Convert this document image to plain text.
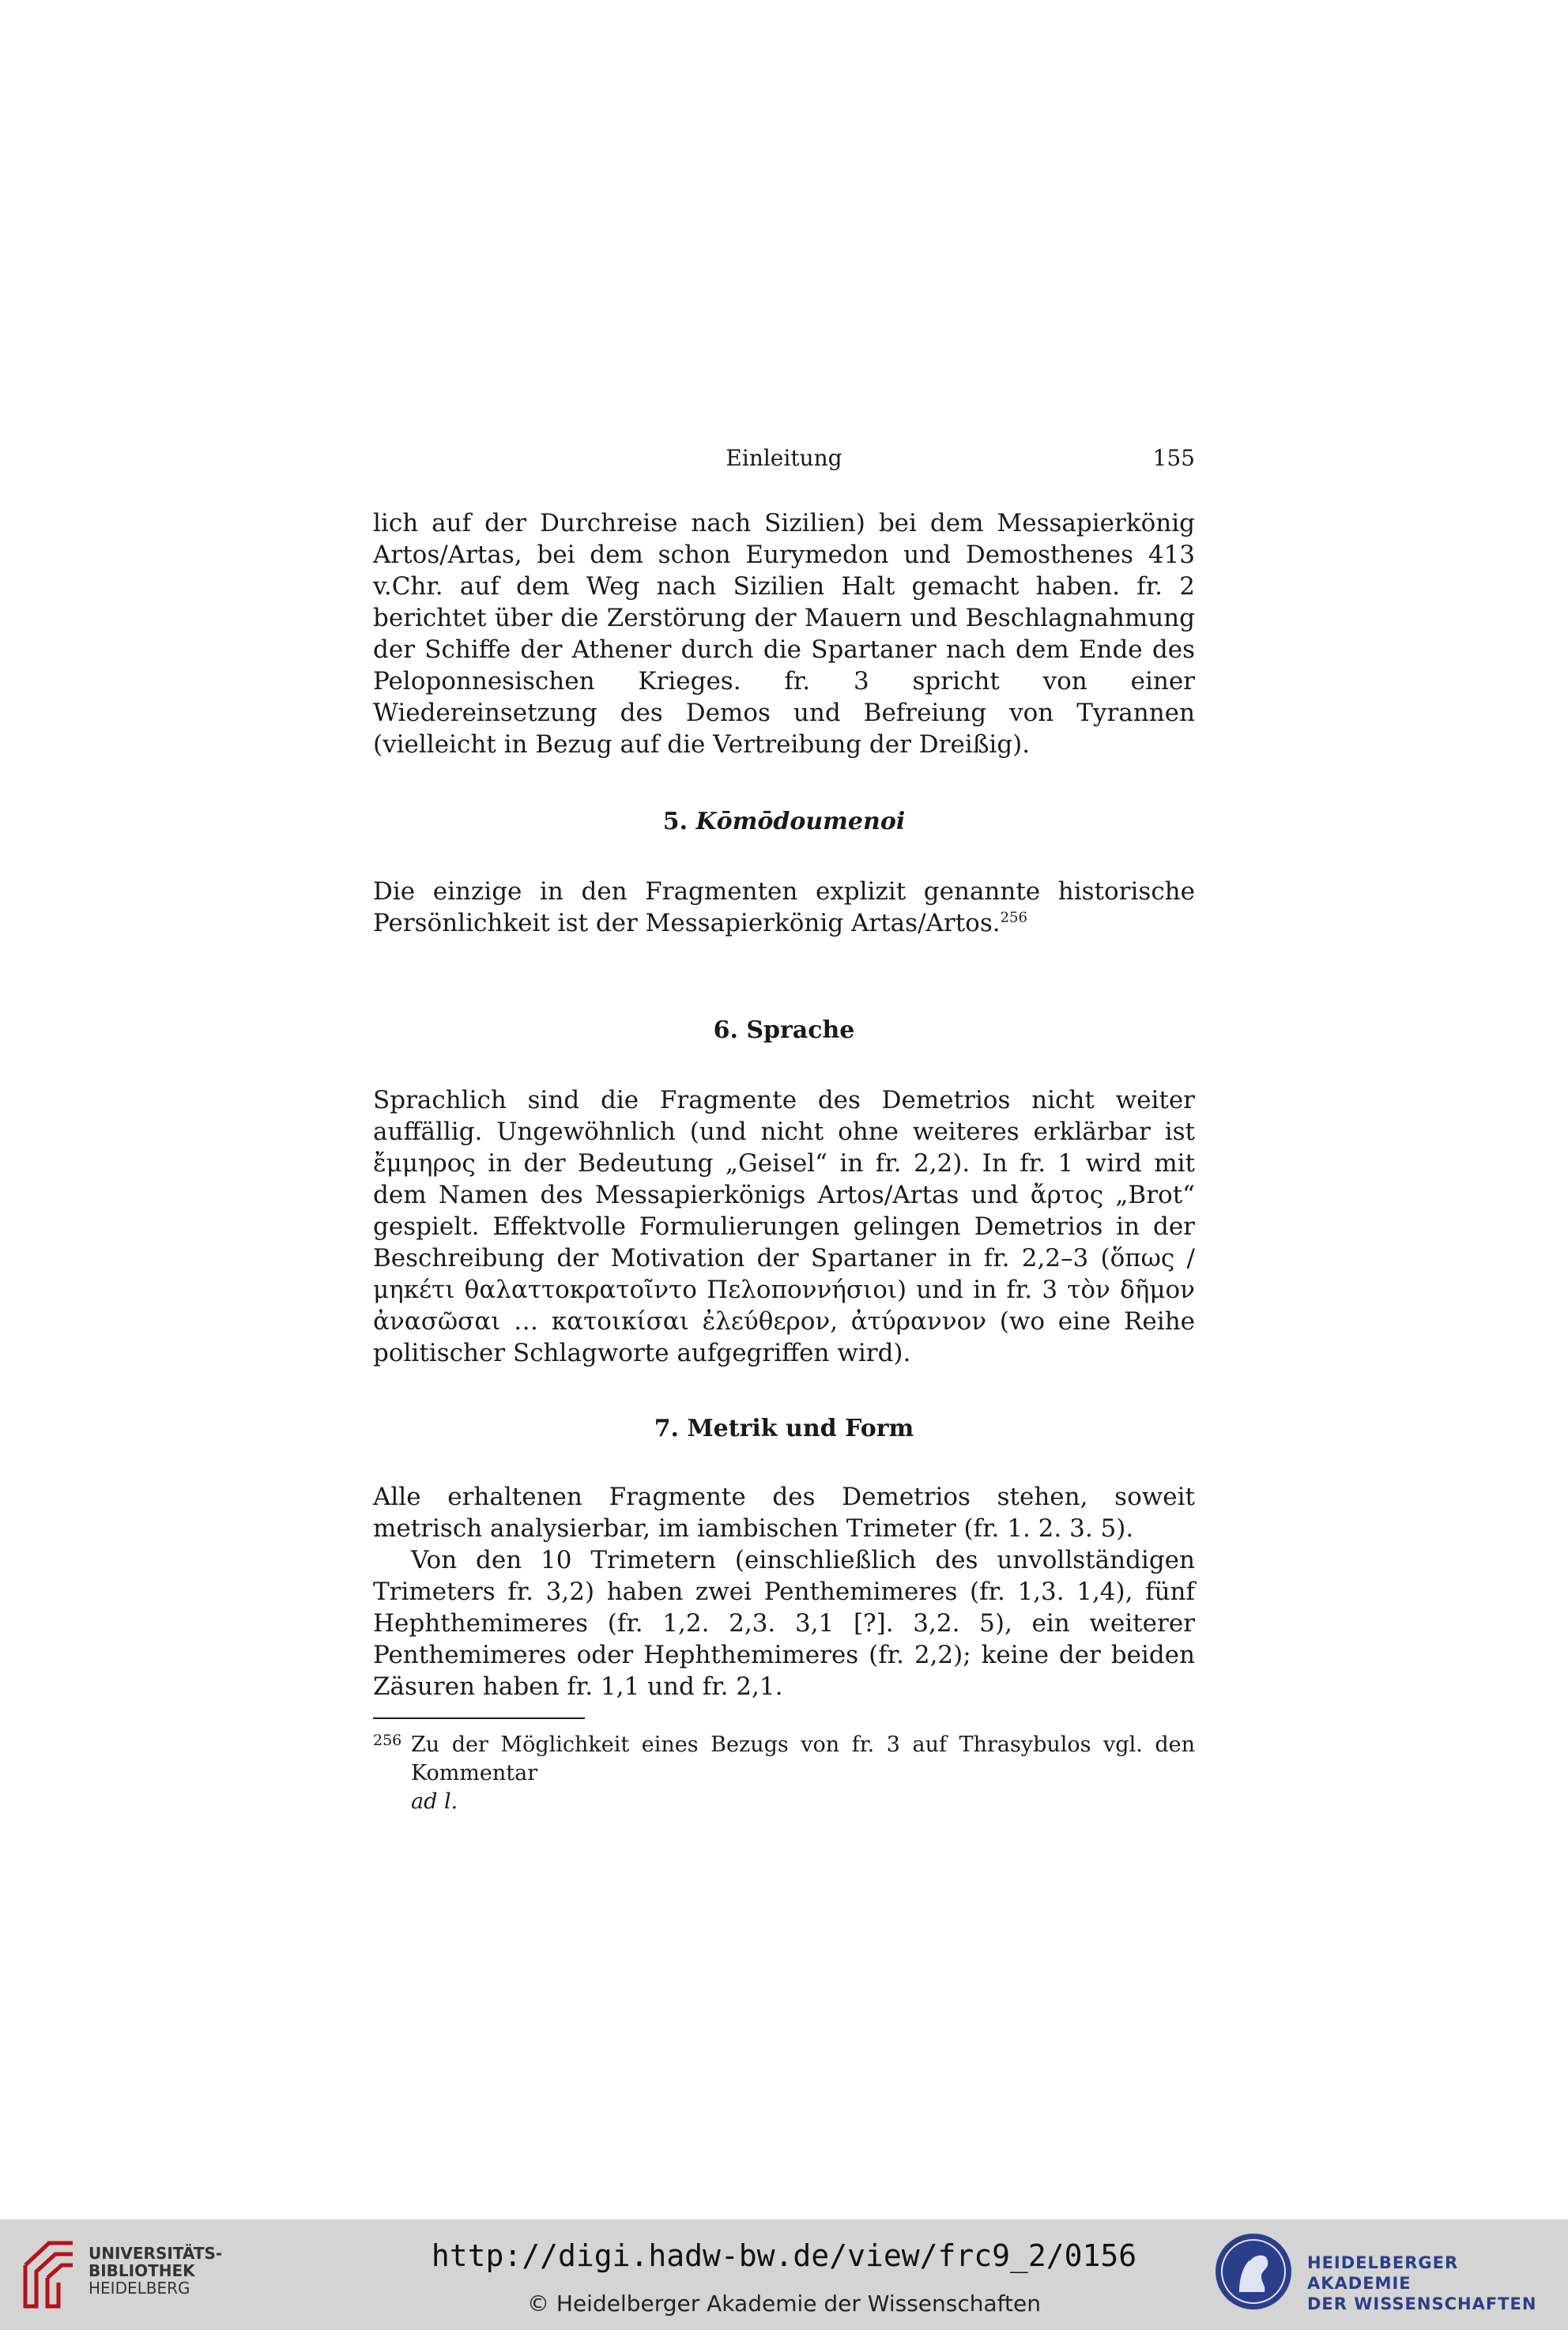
Einleitung	155

lich auf der Durchreise nach Sizilien) bei dem Messapierkönig Artos/Artas, bei dem schon Eurymedon und Demosthenes 413 v.Chr. auf dem Weg nach Sizilien Halt gemacht haben. fr. 2 berichtet über die Zerstörung der Mauern und Beschlagnahmung der Schiffe der Athener durch die Spartaner nach dem Ende des Peloponnesischen Krieges. fr. 3 spricht von einer Wiedereinsetzung des Demos und Befreiung von Tyrannen (vielleicht in Bezug auf die Vertreibung der Dreißig).

5. Kōmōdoumenoi

Die einzige in den Fragmenten explizit genannte historische Persönlichkeit ist der Messapierkönig Artas/Artos.$^{256}$

6. Sprache

Sprachlich sind die Fragmente des Demetrios nicht weiter auffällig. Ungewöhnlich (und nicht ohne weiteres erklärbar ist ἔμμηρος in der Bedeutung „Geisel“ in fr. 2,2). In fr. 1 wird mit dem Namen des Messapierkönigs Artos/Artas und ἄρτος „Brot“ gespielt. Effektvolle Formulierungen gelingen Demetrios in der Beschreibung der Motivation der Spartaner in fr. 2,2–3 (ὅπως / μηκέτι θαλαττοκρατοῖντο Πελοποννήσιοι) und in fr. 3 τὸν δῆμον ἀνασῶσαι … κατοικίσαι ἐλεύθερον, ἀτύραννον (wo eine Reihe politischer Schlagworte aufgegriffen wird).

7. Metrik und Form

Alle erhaltenen Fragmente des Demetrios stehen, soweit metrisch analysierbar, im iambischen Trimeter (fr. 1. 2. 3. 5).

Von den 10 Trimetern (einschließlich des unvollständigen Trimeters fr. 3,2) haben zwei Penthemimeres (fr. 1,3. 1,4), fünf Hephthemimeres (fr. 1,2. 2,3. 3,1 [?]. 3,2. 5), ein weiterer Penthemimeres oder Hephthemimeres (fr. 2,2); keine der beiden Zäsuren haben fr. 1,1 und fr. 2,1.

256 Zu der Möglichkeit eines Bezugs von fr. 3 auf Thrasybulos vgl. den Kommentar
ad l.
UNIVERSITÄTS-
BIBLIOTHEK
HEIDELBERG
http://digi.hadw-bw.de/view/frc9_2/0156
© Heidelberger Akademie der Wissenschaften
HEIDELBERGER AKADEMIE
DER WISSENSCHAFTEN
